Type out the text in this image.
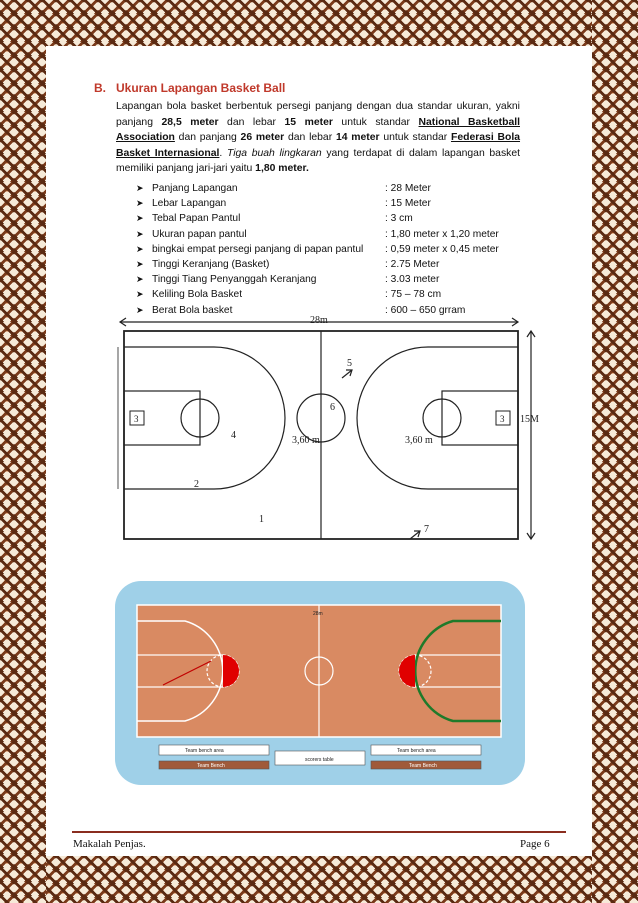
B. Ukuran Lapangan Basket Ball
Lapangan bola basket berbentuk persegi panjang dengan dua standar ukuran, yakni panjang 28,5 meter dan lebar 15 meter untuk standar National Basketball Association dan panjang 26 meter dan lebar 14 meter untuk standar Federasi Bola Basket Internasional. Tiga buah lingkaran yang terdapat di dalam lapangan basket memiliki panjang jari-jari yaitu 1,80 meter.
➤ Panjang Lapangan	: 28 Meter
➤ Lebar Lapangan	: 15 Meter
➤ Tebal Papan Pantul	: 3 cm
➤ Ukuran papan pantul	: 1,80 meter x 1,20 meter
➤ bingkai empat persegi panjang di papan pantul	: 0,59 meter x 0,45 meter
➤ Tinggi Keranjang (Basket)	: 2.75 Meter
➤ Tinggi Tiang Penyanggah Keranjang	: 3.03 meter
➤ Keliling Bola Basket	: 75 – 78 cm
➤ Berat Bola basket	: 600 – 650 grram
28m
15M
3,60 m	3,60 m
3	3
1
2
4
5
6
7
28m
Team bench area	Team bench area
Team Bench	Team Bench
scorers table
Makalah Penjas.	Page 6
